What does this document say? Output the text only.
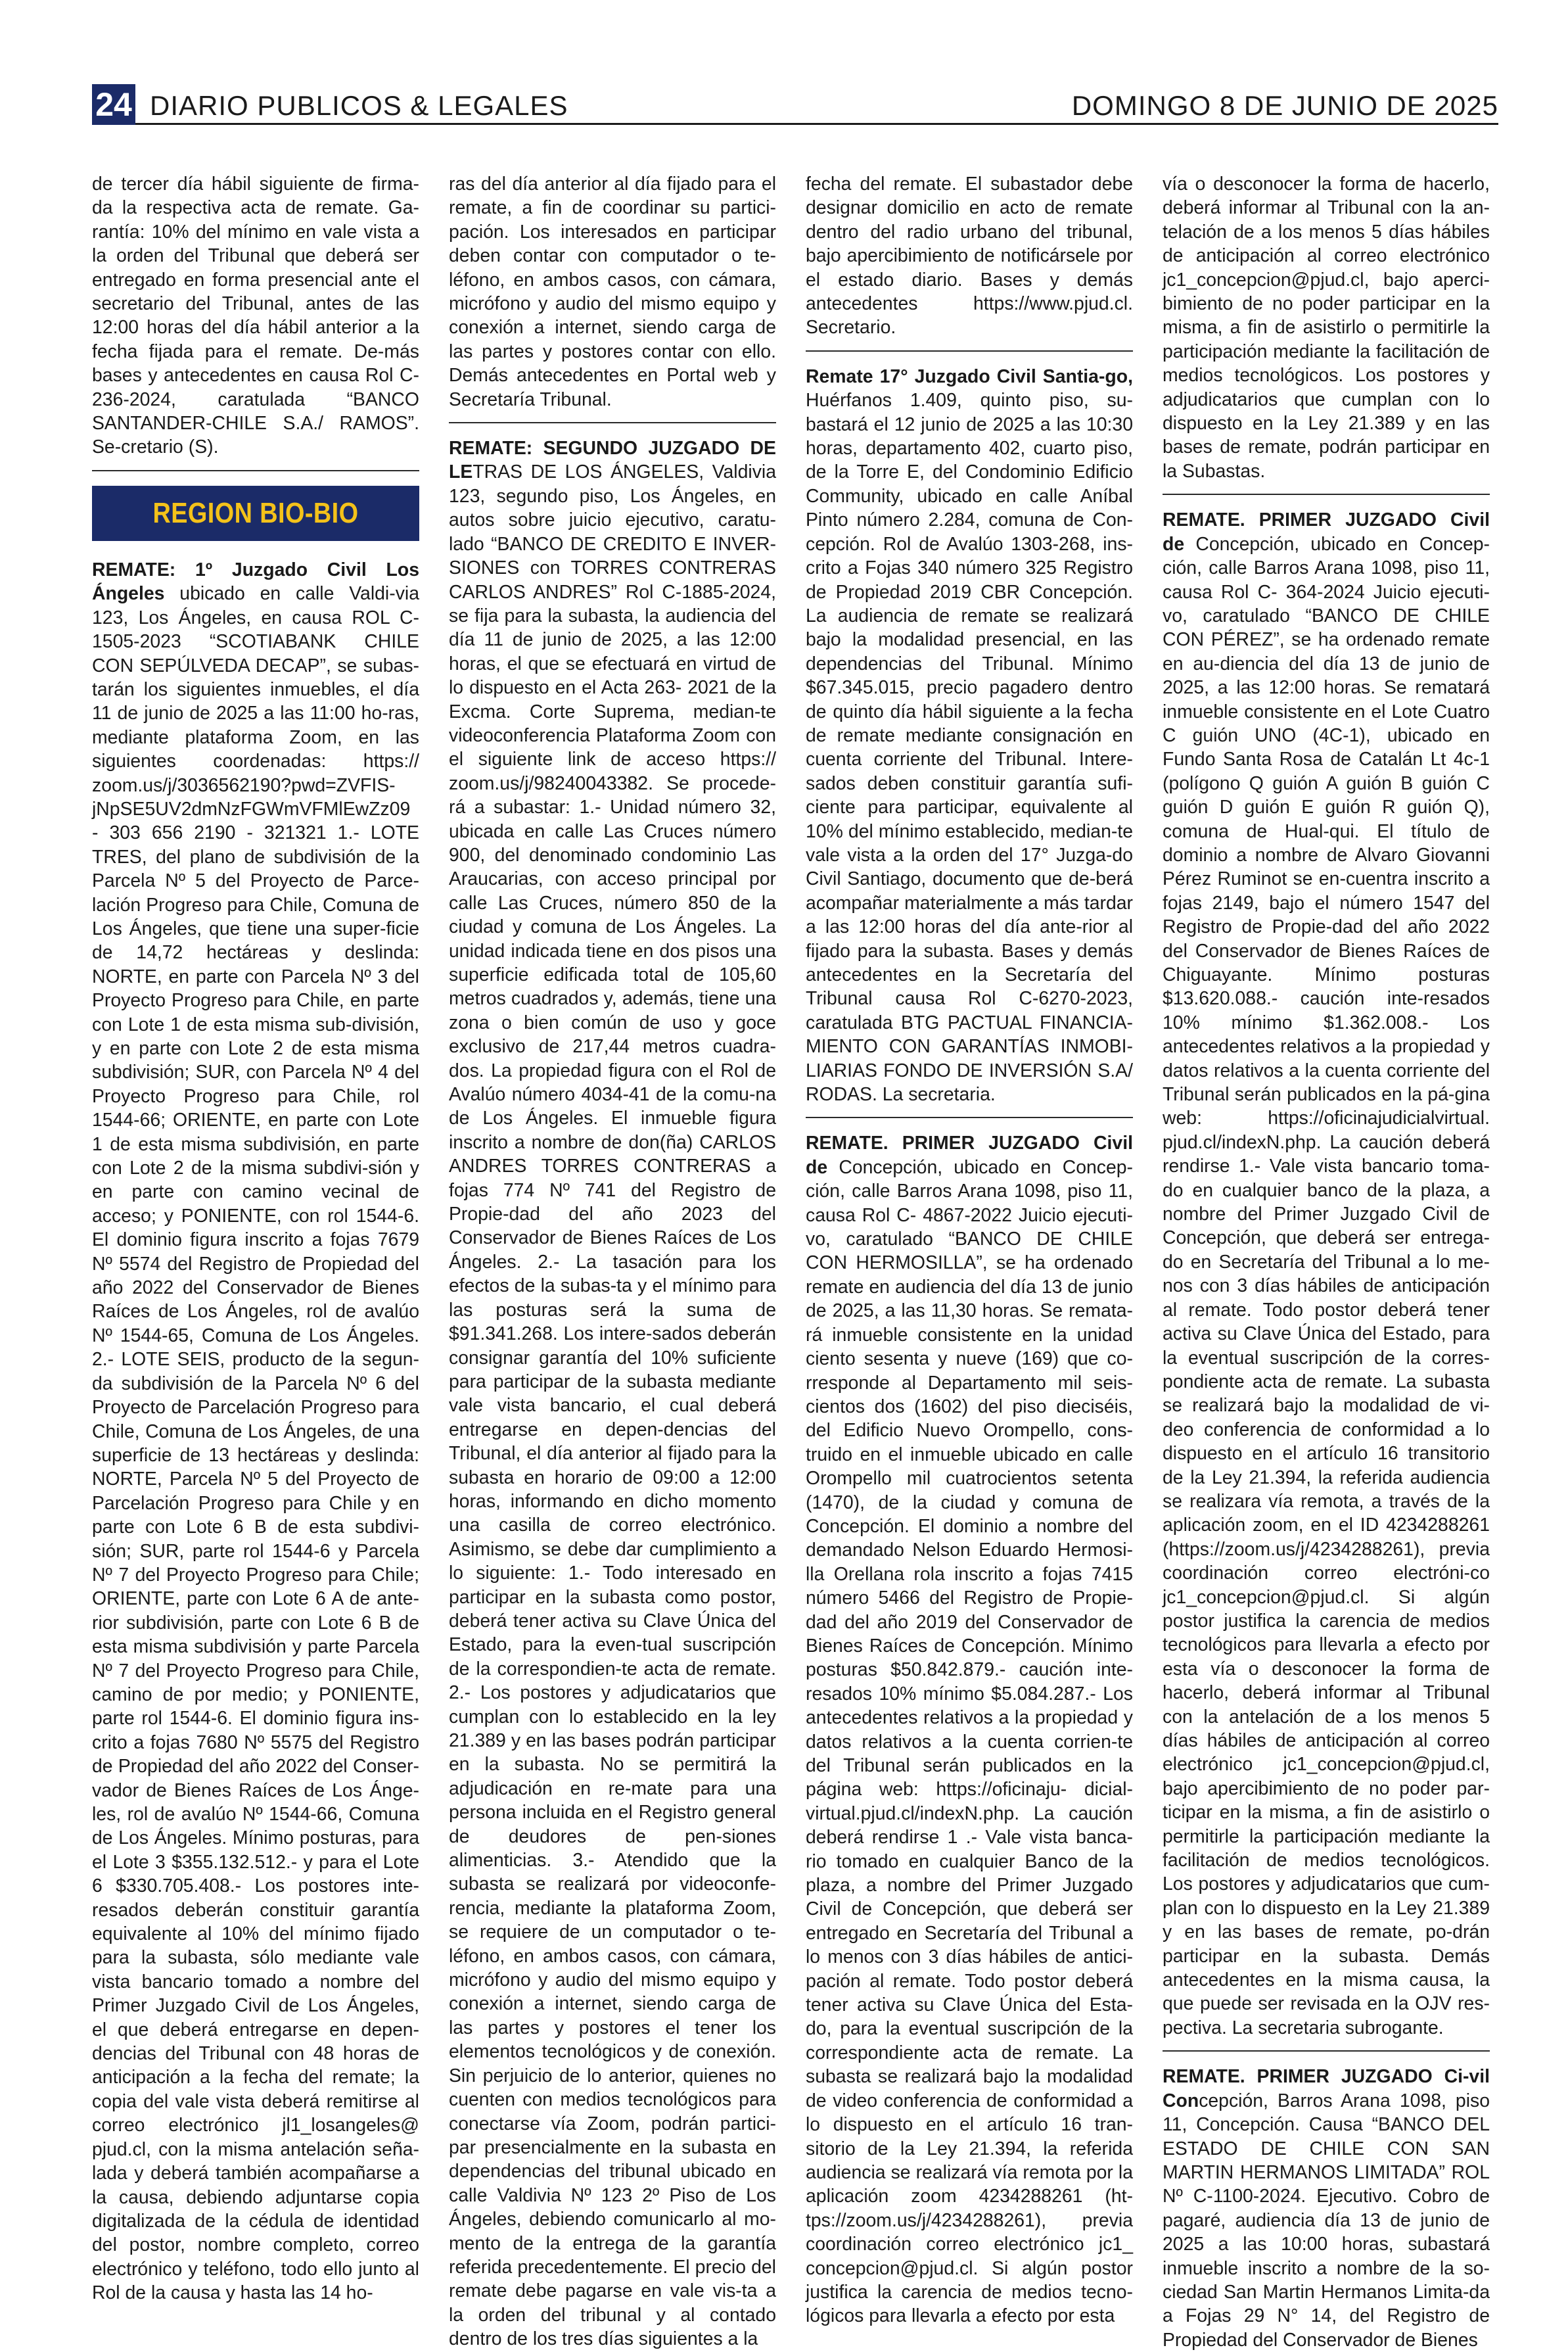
24 DIARIO PUBLICOS & LEGALES	DOMINGO 8 DE JUNIO DE 2025

de tercer día hábil siguiente de firma-da la respectiva acta de remate. Ga-rantía: 10% del mínimo en vale vista a la orden del Tribunal que deberá ser entregado en forma presencial ante el secretario del Tribunal, antes de las 12:00 horas del día hábil anterior a la fecha fijada para el remate. De-más bases y antecedentes en causa Rol C-236-2024, caratulada “BANCO SANTANDER-CHILE S.A./ RAMOS”. Se-cretario (S).

REGION BIO-BIO

REMATE: 1º Juzgado Civil Los Ángeles ubicado en calle Valdi-via 123, Los Ángeles, en causa ROL C-1505-2023 “SCOTIABANK CHILE CON SEPÚLVEDA DECAP”, se subas-tarán los siguientes inmuebles, el día 11 de junio de 2025 a las 11:00 ho-ras, mediante plataforma Zoom, en las siguientes coordenadas: https:// zoom.us/j/3036562190?pwd=ZVFIS-jNpSE5UV2dmNzFGWmVFMlEwZz09 - 303 656 2190 - 321321 1.- LOTE TRES, del plano de subdivisión de la Parcela Nº 5 del Proyecto de Parce-lación Progreso para Chile, Comuna de Los Ángeles, que tiene una super-ficie de 14,72 hectáreas y deslinda: NORTE, en parte con Parcela Nº 3 del Proyecto Progreso para Chile, en parte con Lote 1 de esta misma sub-división, y en parte con Lote 2 de esta misma subdivisión; SUR, con Parcela Nº 4 del Proyecto Progreso para Chile, rol 1544-66; ORIENTE, en parte con Lote 1 de esta misma subdivisión, en parte con Lote 2 de la misma subdivi-sión y en parte con camino vecinal de acceso; y PONIENTE, con rol 1544-6. El dominio figura inscrito a fojas 7679 Nº 5574 del Registro de Propiedad del año 2022 del Conservador de Bienes Raíces de Los Ángeles, rol de avalúo Nº 1544-65, Comuna de Los Ángeles. 2.- LOTE SEIS, producto de la segun-da subdivisión de la Parcela Nº 6 del Proyecto de Parcelación Progreso para Chile, Comuna de Los Ángeles, de una superficie de 13 hectáreas y deslinda: NORTE, Parcela Nº 5 del Proyecto de Parcelación Progreso para Chile y en parte con Lote 6 B de esta subdivi-sión; SUR, parte rol 1544-6 y Parcela Nº 7 del Proyecto Progreso para Chile; ORIENTE, parte con Lote 6 A de ante-rior subdivisión, parte con Lote 6 B de esta misma subdivisión y parte Parcela Nº 7 del Proyecto Progreso para Chile, camino de por medio; y PONIENTE, parte rol 1544-6. El dominio figura ins-crito a fojas 7680 Nº 5575 del Registro de Propiedad del año 2022 del Conser-vador de Bienes Raíces de Los Ánge-les, rol de avalúo Nº 1544-66, Comuna de Los Ángeles. Mínimo posturas, para el Lote 3 $355.132.512.- y para el Lote 6 $330.705.408.- Los postores inte-resados deberán constituir garantía equivalente al 10% del mínimo fijado para la subasta, sólo mediante vale vista bancario tomado a nombre del Primer Juzgado Civil de Los Ángeles, el que deberá entregarse en depen-dencias del Tribunal con 48 horas de anticipación a la fecha del remate; la copia del vale vista deberá remitirse al correo electrónico jl1_losangeles@ pjud.cl, con la misma antelación seña-lada y deberá también acompañarse a la causa, debiendo adjuntarse copia digitalizada de la cédula de identidad del postor, nombre completo, correo electrónico y teléfono, todo ello junto al Rol de la causa y hasta las 14 ho-

ras del día anterior al día fijado para el remate, a fin de coordinar su partici-pación. Los interesados en participar deben contar con computador o te-léfono, en ambos casos, con cámara, micrófono y audio del mismo equipo y conexión a internet, siendo carga de las partes y postores contar con ello. Demás antecedentes en Portal web y Secretaría Tribunal.

REMATE: SEGUNDO JUZGADO DE LETRAS DE LOS ÁNGELES, Valdivia 123, segundo piso, Los Ángeles, en autos sobre juicio ejecutivo, caratu-lado “BANCO DE CREDITO E INVER-SIONES con TORRES CONTRERAS CARLOS ANDRES” Rol C-1885-2024, se fija para la subasta, la audiencia del día 11 de junio de 2025, a las 12:00 horas, el que se efectuará en virtud de lo dispuesto en el Acta 263- 2021 de la Excma. Corte Suprema, median-te videoconferencia Plataforma Zoom con el siguiente link de acceso https:// zoom.us/j/98240043382. Se procede-rá a subastar: 1.- Unidad número 32, ubicada en calle Las Cruces número 900, del denominado condominio Las Araucarias, con acceso principal por calle Las Cruces, número 850 de la ciudad y comuna de Los Ángeles. La unidad indicada tiene en dos pisos una superficie edificada total de 105,60 metros cuadrados y, además, tiene una zona o bien común de uso y goce exclusivo de 217,44 metros cuadra-dos. La propiedad figura con el Rol de Avalúo número 4034-41 de la comu-na de Los Ángeles. El inmueble figura inscrito a nombre de don(ña) CARLOS ANDRES TORRES CONTRERAS a fojas 774 Nº 741 del Registro de Propie-dad del año 2023 del Conservador de Bienes Raíces de Los Ángeles. 2.- La tasación para los efectos de la subas-ta y el mínimo para las posturas será la suma de $91.341.268. Los intere-sados deberán consignar garantía del 10% suficiente para participar de la subasta mediante vale vista bancario, el cual deberá entregarse en depen-dencias del Tribunal, el día anterior al fijado para la subasta en horario de 09:00 a 12:00 horas, informando en dicho momento una casilla de correo electrónico. Asimismo, se debe dar cumplimiento a lo siguiente: 1.- Todo interesado en participar en la subasta como postor, deberá tener activa su Clave Única del Estado, para la even-tual suscripción de la correspondien-te acta de remate. 2.- Los postores y adjudicatarios que cumplan con lo establecido en la ley 21.389 y en las bases podrán participar en la subasta. No se permitirá la adjudicación en re-mate para una persona incluida en el Registro general de deudores de pen-siones alimenticias. 3.- Atendido que la subasta se realizará por videoconfe-rencia, mediante la plataforma Zoom, se requiere de un computador o te-léfono, en ambos casos, con cámara, micrófono y audio del mismo equipo y conexión a internet, siendo carga de las partes y postores el tener los elementos tecnológicos y de conexión. Sin perjuicio de lo anterior, quienes no cuenten con medios tecnológicos para conectarse vía Zoom, podrán partici-par presencialmente en la subasta en dependencias del tribunal ubicado en calle Valdivia Nº 123 2º Piso de Los Ángeles, debiendo comunicarlo al mo-mento de la entrega de la garantía referida precedentemente. El precio del remate debe pagarse en vale vis-ta a la orden del tribunal y al contado dentro de los tres días siguientes a la

fecha del remate. El subastador debe designar domicilio en acto de remate dentro del radio urbano del tribunal, bajo apercibimiento de notificársele por el estado diario. Bases y demás antecedentes https://www.pjud.cl. Secretario.

Remate 17° Juzgado Civil Santia-go, Huérfanos 1.409, quinto piso, su-bastará el 12 junio de 2025 a las 10:30 horas, departamento 402, cuarto piso, de la Torre E, del Condominio Edificio Community, ubicado en calle Aníbal Pinto número 2.284, comuna de Con-cepción. Rol de Avalúo 1303-268, ins-crito a Fojas 340 número 325 Registro de Propiedad 2019 CBR Concepción. La audiencia de remate se realizará bajo la modalidad presencial, en las dependencias del Tribunal. Mínimo $67.345.015, precio pagadero dentro de quinto día hábil siguiente a la fecha de remate mediante consignación en cuenta corriente del Tribunal. Intere-sados deben constituir garantía sufi-ciente para participar, equivalente al 10% del mínimo establecido, median-te vale vista a la orden del 17° Juzga-do Civil Santiago, documento que de-berá acompañar materialmente a más tardar a las 12:00 horas del día ante-rior al fijado para la subasta. Bases y demás antecedentes en la Secretaría del Tribunal causa Rol C-6270-2023, caratulada BTG PACTUAL FINANCIA-MIENTO CON GARANTÍAS INMOBI-LIARIAS FONDO DE INVERSIÓN S.A/ RODAS. La secretaria.

REMATE. PRIMER JUZGADO Civil de Concepción, ubicado en Concep-ción, calle Barros Arana 1098, piso 11, causa Rol C- 4867-2022 Juicio ejecuti-vo, caratulado “BANCO DE CHILE CON HERMOSILLA”, se ha ordenado remate en audiencia del día 13 de junio de 2025, a las 11,30 horas. Se remata-rá inmueble consistente en la unidad ciento sesenta y nueve (169) que co-rresponde al Departamento mil seis-cientos dos (1602) del piso dieciséis, del Edificio Nuevo Orompello, cons-truido en el inmueble ubicado en calle Orompello mil cuatrocientos setenta (1470), de la ciudad y comuna de Concepción. El dominio a nombre del demandado Nelson Eduardo Hermosi-lla Orellana rola inscrito a fojas 7415 número 5466 del Registro de Propie-dad del año 2019 del Conservador de Bienes Raíces de Concepción. Mínimo posturas $50.842.879.- caución inte-resados 10% mínimo $5.084.287.- Los antecedentes relativos a la propiedad y datos relativos a la cuenta corrien-te del Tribunal serán publicados en la página web: https://oficinaju- dicial-virtual.pjud.cl/indexN.php. La caución deberá rendirse 1 .- Vale vista banca-rio tomado en cualquier Banco de la plaza, a nombre del Primer Juzgado Civil de Concepción, que deberá ser entregado en Secretaría del Tribunal a lo menos con 3 días hábiles de antici-pación al remate. Todo postor deberá tener activa su Clave Única del Esta-do, para la eventual suscripción de la correspondiente acta de remate. La subasta se realizará bajo la modalidad de video conferencia de conformidad a lo dispuesto en el artículo 16 tran-sitorio de la Ley 21.394, la referida audiencia se realizará vía remota por la aplicación zoom 4234288261 (ht-tps://zoom.us/j/4234288261), previa coordinación correo electrónico jc1_ concepcion@pjud.cl. Si algún postor justifica la carencia de medios tecno-lógicos para llevarla a efecto por esta

vía o desconocer la forma de hacerlo, deberá informar al Tribunal con la an-telación de a los menos 5 días hábiles de anticipación al correo electrónico jc1_concepcion@pjud.cl, bajo aperci-bimiento de no poder participar en la misma, a fin de asistirlo o permitirle la participación mediante la facilitación de medios tecnológicos. Los postores y adjudicatarios que cumplan con lo dispuesto en la Ley 21.389 y en las bases de remate, podrán participar en la Subastas.

REMATE. PRIMER JUZGADO Civil de Concepción, ubicado en Concep-ción, calle Barros Arana 1098, piso 11, causa Rol C- 364-2024 Juicio ejecuti-vo, caratulado “BANCO DE CHILE CON PÉREZ”, se ha ordenado remate en au-diencia del día 13 de junio de 2025, a las 12:00 horas. Se rematará inmueble consistente en el Lote Cuatro C guión UNO (4C-1), ubicado en Fundo Santa Rosa de Catalán Lt 4c-1 (polígono Q guión A guión B guión C guión D guión E guión R guión Q), comuna de Hual-qui. El título de dominio a nombre de Alvaro Giovanni Pérez Ruminot se en-cuentra inscrito a fojas 2149, bajo el número 1547 del Registro de Propie-dad del año 2022 del Conservador de Bienes Raíces de Chiguayante. Mínimo posturas $13.620.088.- caución inte-resados 10% mínimo $1.362.008.- Los antecedentes relativos a la propiedad y datos relativos a la cuenta corriente del Tribunal serán publicados en la pá-gina web: https://oficinajudicialvirtual. pjud.cl/indexN.php. La caución deberá rendirse 1.- Vale vista bancario toma-do en cualquier banco de la plaza, a nombre del Primer Juzgado Civil de Concepción, que deberá ser entrega-do en Secretaría del Tribunal a lo me-nos con 3 días hábiles de anticipación al remate. Todo postor deberá tener activa su Clave Única del Estado, para la eventual suscripción de la corres-pondiente acta de remate. La subasta se realizará bajo la modalidad de vi-deo conferencia de conformidad a lo dispuesto en el artículo 16 transitorio de la Ley 21.394, la referida audiencia se realizara vía remota, a través de la aplicación zoom, en el ID 4234288261 (https://zoom.us/j/4234288261), previa coordinación correo electróni-co jc1_concepcion@pjud.cl. Si algún postor justifica la carencia de medios tecnológicos para llevarla a efecto por esta vía o desconocer la forma de hacerlo, deberá informar al Tribunal con la antelación de a los menos 5 días hábiles de anticipación al correo electrónico jc1_concepcion@pjud.cl, bajo apercibimiento de no poder par-ticipar en la misma, a fin de asistirlo o permitirle la participación mediante la facilitación de medios tecnológicos. Los postores y adjudicatarios que cum- plan con lo dispuesto en la Ley 21.389 y en las bases de remate, po-drán participar en la subasta. Demás antecedentes en la misma causa, la que puede ser revisada en la OJV res-pectiva. La secretaria subrogante.

REMATE. PRIMER JUZGADO Ci-vil Concepción, Barros Arana 1098, piso 11, Concepción. Causa “BANCO DEL ESTADO DE CHILE CON SAN MARTIN HERMANOS LIMITADA” ROL Nº C-1100-2024. Ejecutivo. Cobro de pagaré, audiencia día 13 de junio de 2025 a las 10:00 horas, subastará inmueble inscrito a nombre de la so-ciedad San Martin Hermanos Limita-da a Fojas 29 N° 14, del Registro de Propiedad del Conservador de Bienes
